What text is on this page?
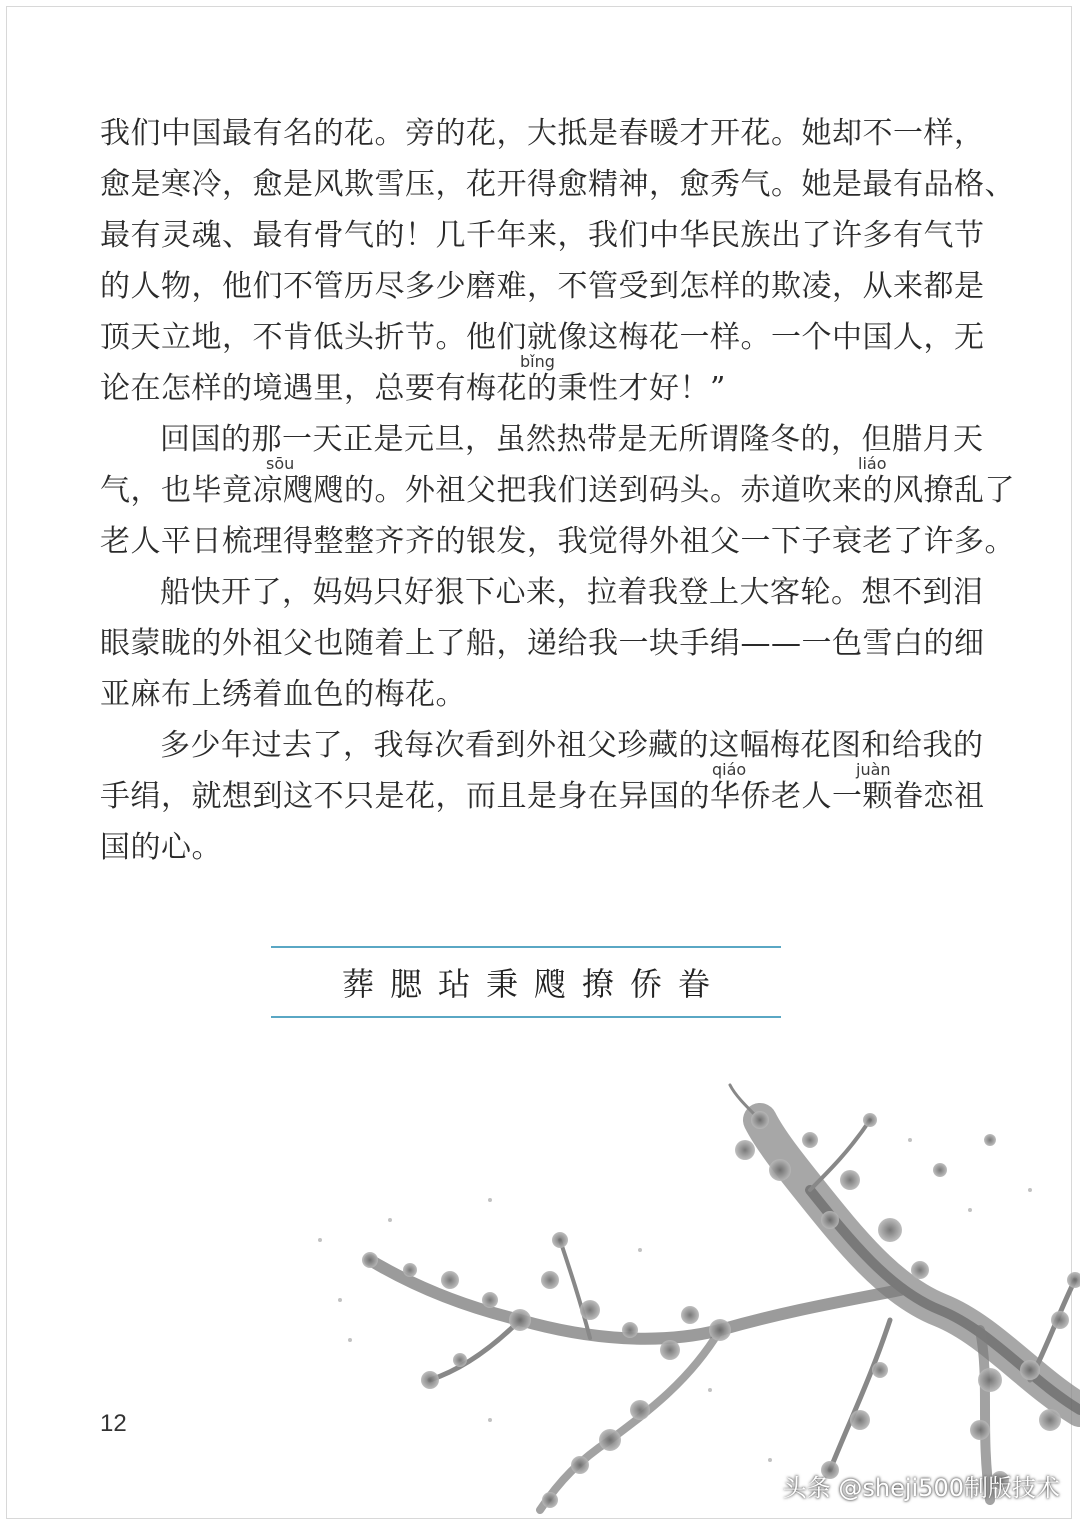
我们中国最有名的花。旁的花，大抵是春暖才开花。她却不一样，
愈是寒冷，愈是风欺雪压，花开得愈精神，愈秀气。她是最有品格、
最有灵魂、最有骨气的！几千年来，我们中华民族出了许多有气节
的人物，他们不管历尽多少磨难，不管受到怎样的欺凌，从来都是
顶天立地，不肯低头折节。他们就像这梅花一样。一个中国人，无
bǐng
论在怎样的境遇里，总要有梅花的秉性才好！”
回国的那一天正是元旦，虽然热带是无所谓隆冬的，但腊月天
sōu	liáo
气，也毕竟凉飕飕的。外祖父把我们送到码头。赤道吹来的风撩乱了
老人平日梳理得整整齐齐的银发，我觉得外祖父一下子衰老了许多。
船快开了，妈妈只好狠下心来，拉着我登上大客轮。想不到泪
眼蒙眬的外祖父也随着上了船，递给我一块手绢——一色雪白的细
亚麻布上绣着血色的梅花。
多少年过去了，我每次看到外祖父珍藏的这幅梅花图和给我的
qiáo	juàn
手绢，就想到这不只是花，而且是身在异国的华侨老人一颗眷恋祖
国的心。
葬 腮 玷 秉 飕 撩 侨 眷
12
头条 @sheji500制版技术
